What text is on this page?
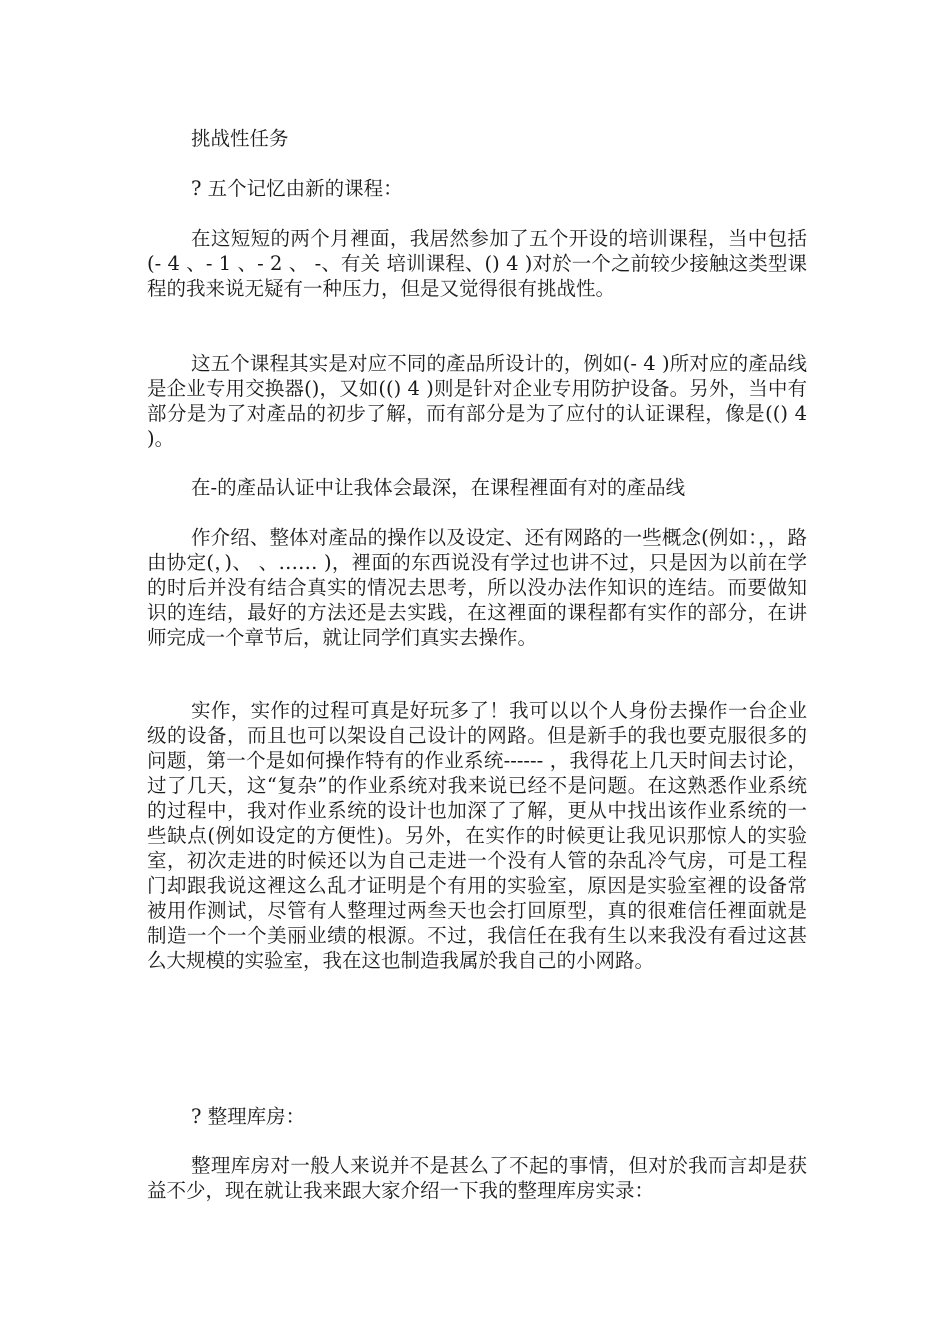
挑战性任务

? 五个记忆由新的课程：

在这短短的两个月裡面，我居然参加了五个开设的培训课程，当中包括(- 4 、- 1 、- 2 、 -、有关 培训课程、() 4 )对於一个之前较少接触这类型课程的我来说无疑有一种压力，但是又觉得很有挑战性。

这五个课程其实是对应不同的產品所设计的，例如(- 4 )所对应的產品线是企业专用交换器()，又如(() 4 )则是针对企业专用防护设备。另外，当中有部分是为了对產品的初步了解，而有部分是为了应付的认证课程，像是(() 4 )。

在-的產品认证中让我体会最深，在课程裡面有对的產品线

作介绍、整体对產品的操作以及设定、还有网路的一些概念(例如：，，路由协定(，)、 、…… )，裡面的东西说没有学过也讲不过，只是因为以前在学的时后并没有结合真实的情况去思考，所以没办法作知识的连结。而要做知识的连结，最好的方法还是去实践，在这裡面的课程都有实作的部分，在讲师完成一个章节后，就让同学们真实去操作。

实作，实作的过程可真是好玩多了！我可以以个人身份去操作一台企业级的设备，而且也可以架设自己设计的网路。但是新手的我也要克服很多的问题，第一个是如何操作特有的作业系统------ ，我得花上几天时间去讨论，过了几天，这“复杂”的作业系统对我来说已经不是问题。在这熟悉作业系统的过程中，我对作业系统的设计也加深了了解，更从中找出该作业系统的一些缺点(例如设定的方便性)。另外，在实作的时候更让我见识那惊人的实验室，初次走进的时候还以为自己走进一个没有人管的杂乱冷气房，可是工程门却跟我说这裡这么乱才证明是个有用的实验室，原因是实验室裡的设备常被用作测试，尽管有人整理过两叁天也会打回原型，真的很难信任裡面就是制造一个一个美丽业绩的根源。不过，我信任在我有生以来我没有看过这甚么大规模的实验室，我在这也制造我属於我自己的小网路。

? 整理库房：

整理库房对一般人来说并不是甚么了不起的事情，但对於我而言却是获益不少，现在就让我来跟大家介绍一下我的整理库房实录：
